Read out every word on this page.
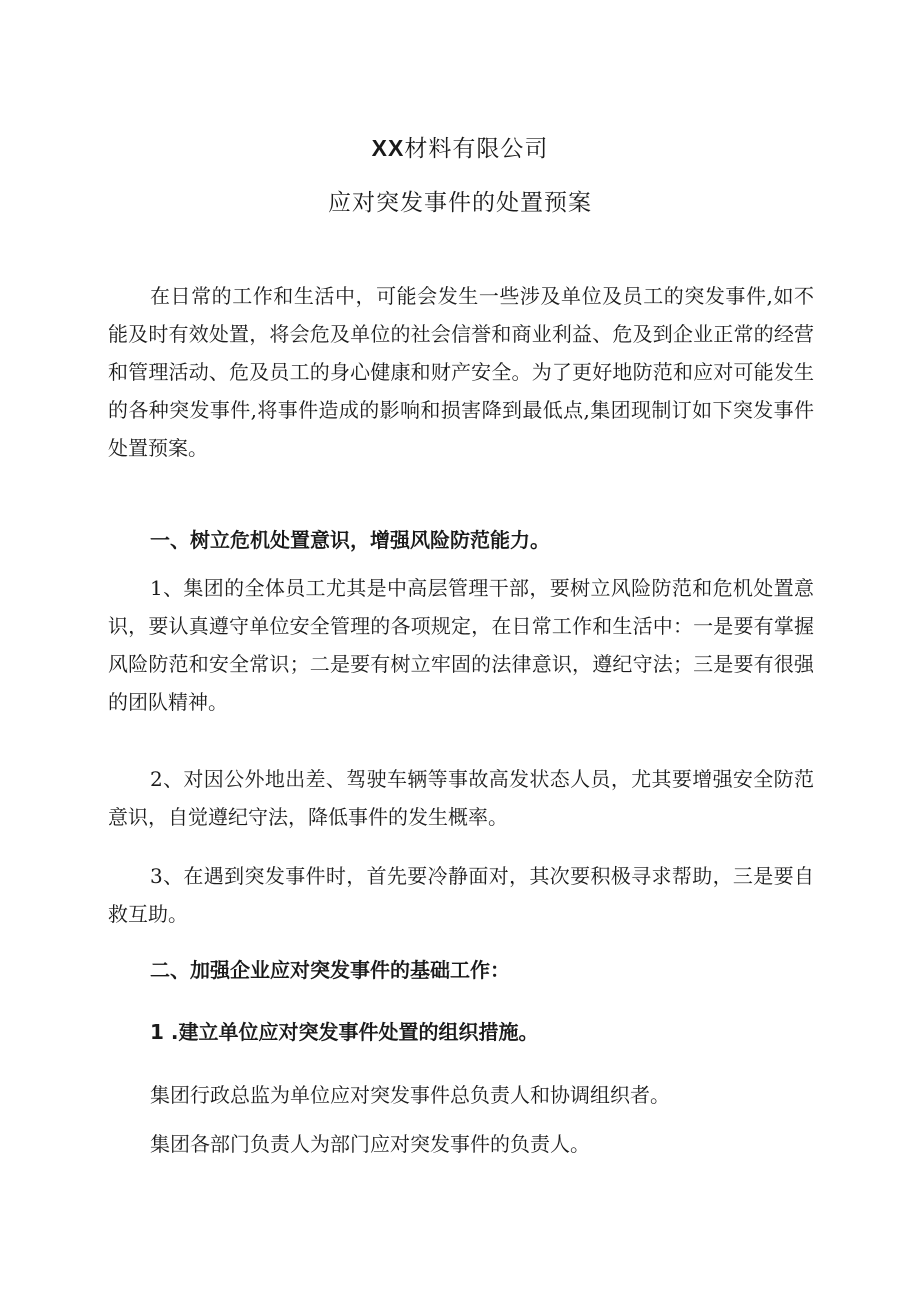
XX材料有限公司
应对突发事件的处置预案

在日常的工作和生活中，可能会发生一些涉及单位及员工的突发事件,如不能及时有效处置，将会危及单位的社会信誉和商业利益、危及到企业正常的经营和管理活动、危及员工的身心健康和财产安全。为了更好地防范和应对可能发生的各种突发事件,将事件造成的影响和损害降到最低点,集团现制订如下突发事件处置预案。

一、树立危机处置意识，增强风险防范能力。

1、集团的全体员工尤其是中高层管理干部，要树立风险防范和危机处置意识，要认真遵守单位安全管理的各项规定，在日常工作和生活中：一是要有掌握风险防范和安全常识；二是要有树立牢固的法律意识，遵纪守法；三是要有很强的团队精神。

2、对因公外地出差、驾驶车辆等事故高发状态人员，尤其要增强安全防范意识，自觉遵纪守法，降低事件的发生概率。

3、在遇到突发事件时，首先要冷静面对，其次要积极寻求帮助，三是要自救互助。

二、加强企业应对突发事件的基础工作：

1 .建立单位应对突发事件处置的组织措施。

集团行政总监为单位应对突发事件总负责人和协调组织者。

集团各部门负责人为部门应对突发事件的负责人。
